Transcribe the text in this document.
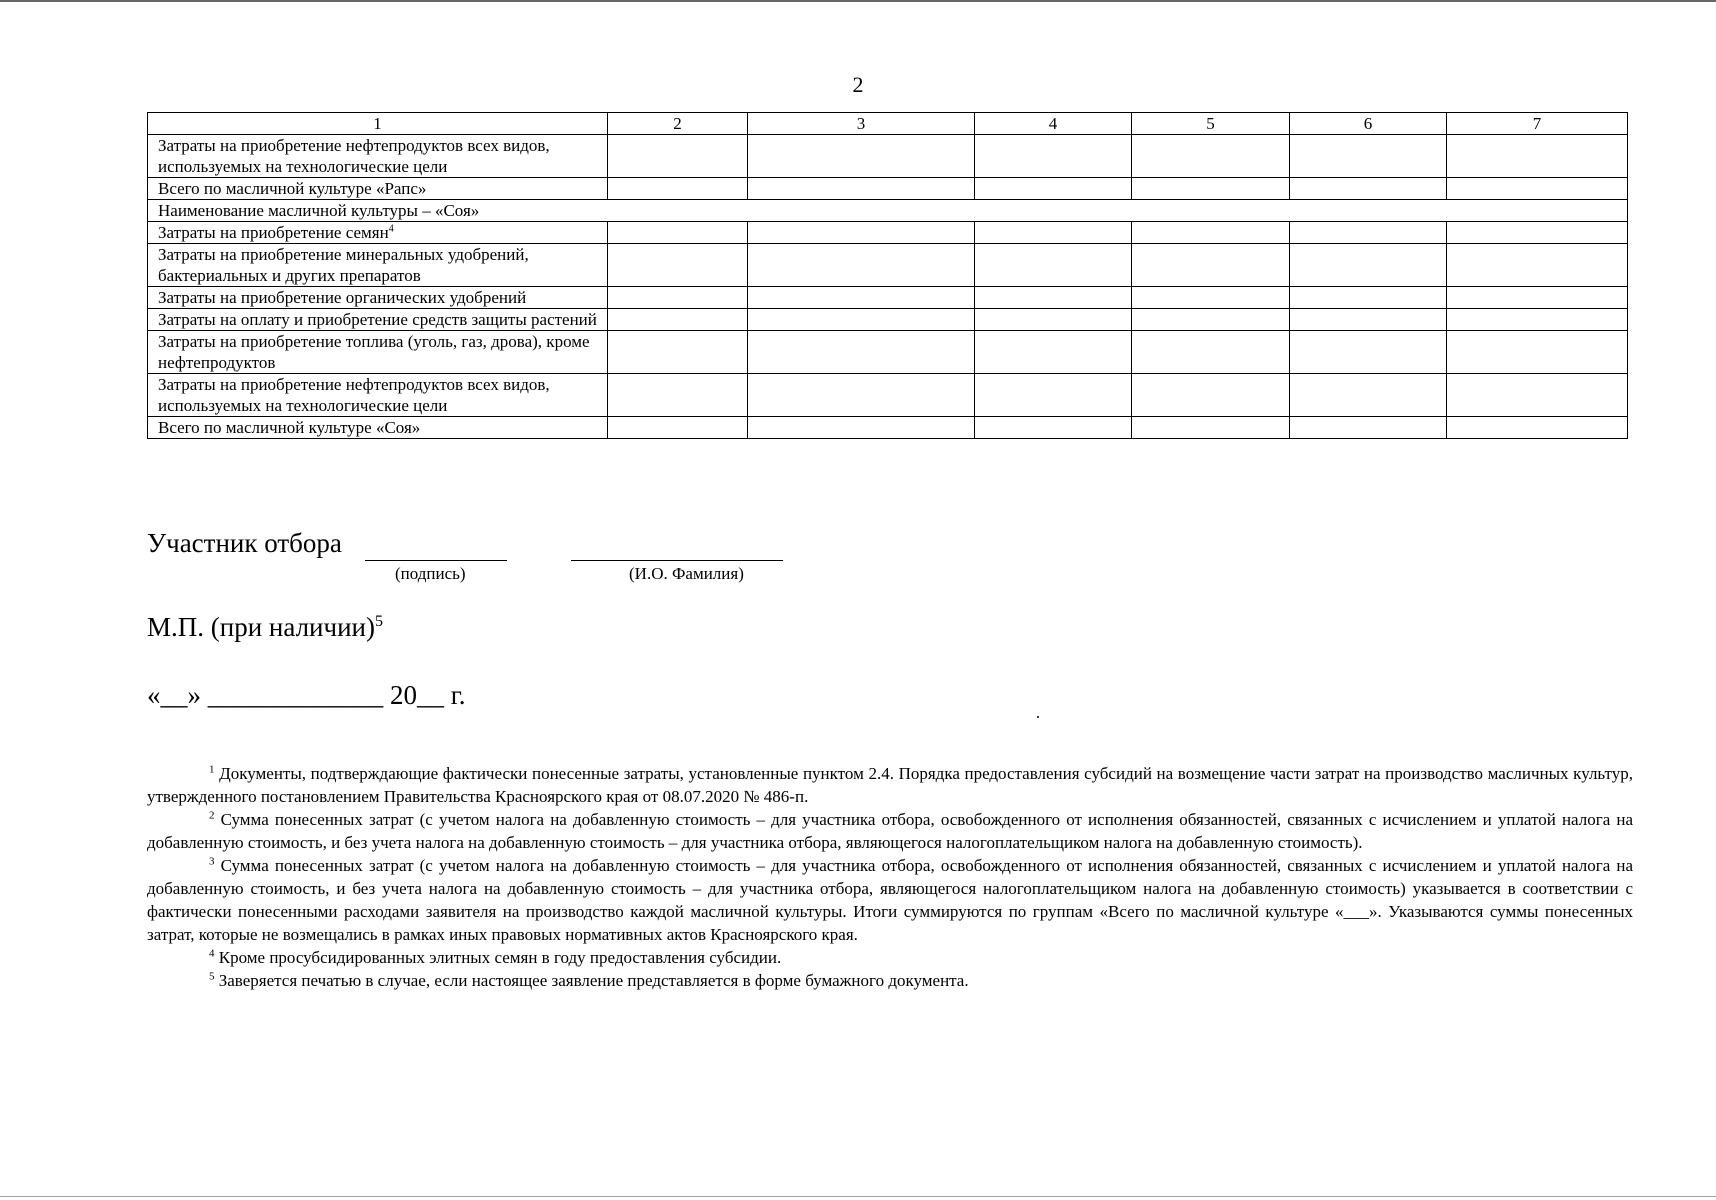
2
1	2	3	4	5	6	7
Затраты на приобретение нефтепродуктов всех видов, используемых на технологические цели						
Всего по масличной культуре «Рапс»						
Наименование масличной культуры – «Соя»						
Затраты на приобретение семян$^4$						
Затраты на приобретение минеральных удобрений, бактериальных и других препаратов						
Затраты на приобретение органических удобрений						
Затраты на оплату и приобретение средств защиты растений						
Затраты на приобретение топлива (уголь, газ, дрова), кроме нефтепродуктов						
Затраты на приобретение нефтепродуктов всех видов, используемых на технологические цели						
Всего по масличной культуре «Соя»						
Участник отбора
(подпись)	(И.О. Фамилия)
М.П. (при наличии)$^5$
«__» _____________ 20__ г.

$^1$ Документы, подтверждающие фактически понесенные затраты, установленные пунктом 2.4. Порядка предоставления субсидий на возмещение части затрат на производство масличных культур, утвержденного постановлением Правительства Красноярского края от 08.07.2020 № 486-п.

$^2$ Сумма понесенных затрат (с учетом налога на добавленную стоимость – для участника отбора, освобожденного от исполнения обязанностей, связанных с исчислением и уплатой налога на добавленную стоимость, и без учета налога на добавленную стоимость – для участника отбора, являющегося налогоплательщиком налога на добавленную стоимость).

$^3$ Сумма понесенных затрат (с учетом налога на добавленную стоимость – для участника отбора, освобожденного от исполнения обязанностей, связанных с исчислением и уплатой налога на добавленную стоимость, и без учета налога на добавленную стоимость – для участника отбора, являющегося налогоплательщиком налога на добавленную стоимость) указывается в соответствии с фактически понесенными расходами заявителя на производство каждой масличной культуры. Итоги суммируются по группам «Всего по масличной культуре «___». Указываются суммы понесенных затрат, которые не возмещались в рамках иных правовых нормативных актов Красноярского края.

$^4$ Кроме просубсидированных элитных семян в году предоставления субсидии.

$^5$ Заверяется печатью в случае, если настоящее заявление представляется в форме бумажного документа.
